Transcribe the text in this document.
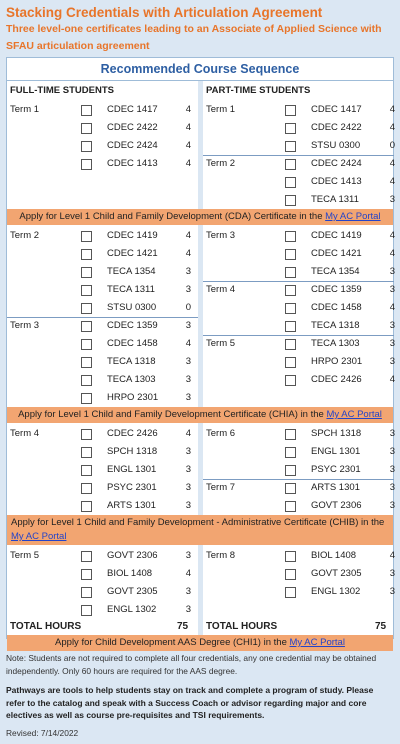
Stacking Credentials with Articulation Agreement
Three level-one certificates leading to an Associate of Applied Science with SFAU articulation agreement
Recommended Course Sequence
FULL-TIME STUDENTS	PART-TIME STUDENTS
Term 1	CDEC 1417	4
CDEC 2422	4
CDEC 2424	4
CDEC 1413	4
Term 1	CDEC 1417	4
CDEC 2422	4
STSU 0300	0
Term 2	CDEC 2424	4
CDEC 1413	4
TECA 1311	3
Apply for Level 1 Child and Family Development (CDA) Certificate in the My AC Portal
Term 2	CDEC 1419	4
CDEC 1421	4
TECA 1354	3
TECA 1311	3
STSU 0300	0
Term 3	CDEC 1359	3
CDEC 1458	4
TECA 1318	3
TECA 1303	3
HRPO 2301	3
Term 3	CDEC 1419	4
CDEC 1421	4
TECA 1354	3
Term 4	CDEC 1359	3
CDEC 1458	4
TECA 1318	3
Term 5	TECA 1303	3
HRPO 2301	3
CDEC 2426	4
Apply for Level 1 Child and Family Development Certificate (CHIA) in the My AC Portal
Term 4	CDEC 2426	4
SPCH 1318	3
ENGL 1301	3
PSYC 2301	3
ARTS 1301	3
Term 6	SPCH 1318	3
ENGL 1301	3
PSYC 2301	3
Term 7	ARTS 1301	3
GOVT 2306	3
Apply for Level 1 Child and Family Development - Administrative Certificate (CHIB) in the My AC Portal
Term 5	GOVT 2306	3
BIOL 1408	4
GOVT 2305	3
ENGL 1302	3
Term 8	BIOL 1408	4
GOVT 2305	3
ENGL 1302	3
TOTAL HOURS	75 TOTAL HOURS	75
Apply for Child Development AAS Degree (CHI1) in the My AC Portal
Note: Students are not required to complete all four credentials, any one credential may be obtained independently. Only 60 hours are required for the AAS degree.
Pathways are tools to help students stay on track and complete a program of study. Please refer to the catalog and speak with a Success Coach or advisor regarding major and core electives as well as course pre-requisites and TSI requirements.
Revised: 7/14/2022
